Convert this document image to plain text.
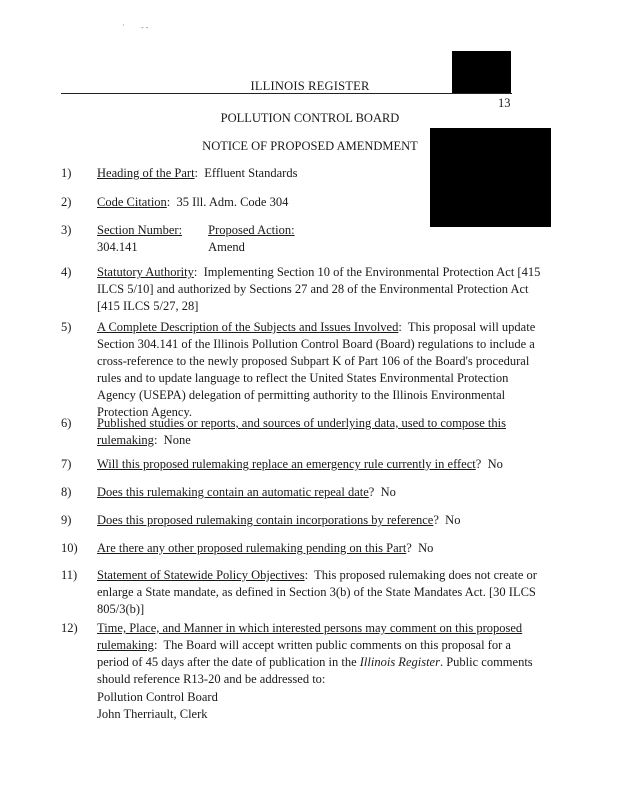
· - -
ILLINOIS REGISTER
13
POLLUTION CONTROL BOARD
NOTICE OF PROPOSED AMENDMENT
1)	Heading of the Part:  Effluent Standards
2)	Code Citation:  35 Ill. Adm. Code 304
3)	Section Number:
304.141

Proposed Action:
Amend
4)	Statutory Authority:  Implementing Section 10 of the Environmental Protection Act [415 ILCS 5/10] and authorized by Sections 27 and 28 of the Environmental Protection Act [415 ILCS 5/27, 28]
5)	A Complete Description of the Subjects and Issues Involved:  This proposal will update Section 304.141 of the Illinois Pollution Control Board (Board) regulations to include a cross-reference to the newly proposed Subpart K of Part 106 of the Board's procedural rules and to update language to reflect the United States Environmental Protection Agency (USEPA) delegation of permitting authority to the Illinois Environmental Protection Agency.
6)	Published studies or reports, and sources of underlying data, used to compose this rulemaking:  None
7)	Will this proposed rulemaking replace an emergency rule currently in effect?  No
8)	Does this rulemaking contain an automatic repeal date?  No
9)	Does this proposed rulemaking contain incorporations by reference?  No
10)	Are there any other proposed rulemaking pending on this Part?  No
11)	Statement of Statewide Policy Objectives:  This proposed rulemaking does not create or enlarge a State mandate, as defined in Section 3(b) of the State Mandates Act. [30 ILCS 805/3(b)]
12)	Time, Place, and Manner in which interested persons may comment on this proposed rulemaking:  The Board will accept written public comments on this proposal for a period of 45 days after the date of publication in the Illinois Register. Public comments should reference R13-20 and be addressed to:
Pollution Control Board
John Therriault, Clerk
